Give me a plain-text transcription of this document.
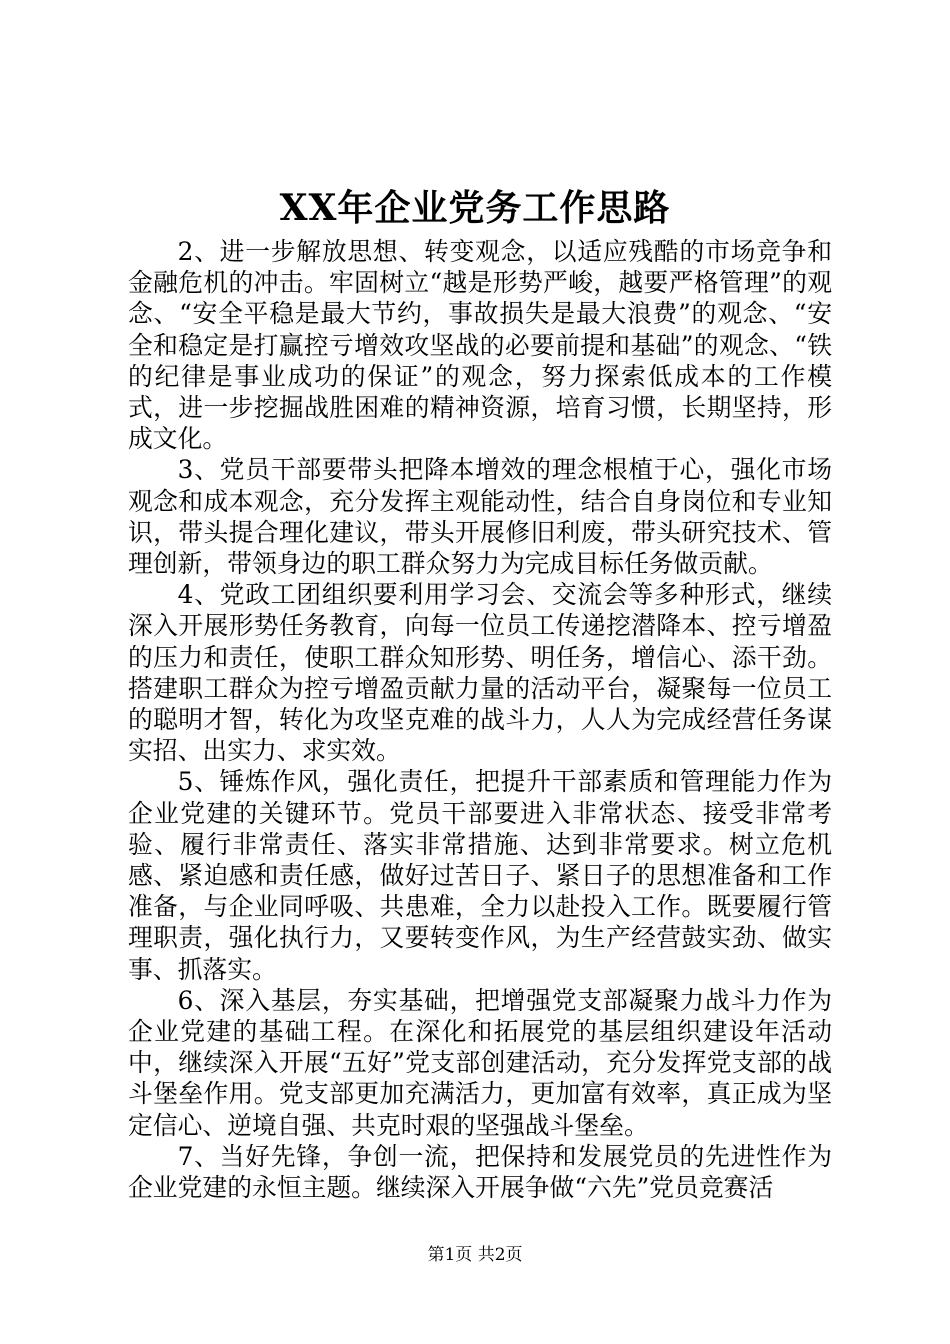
XX年企业党务工作思路

2、进一步解放思想、转变观念，以适应残酷的市场竞争和金融危机的冲击。牢固树立“越是形势严峻，越要严格管理”的观念、“安全平稳是最大节约，事故损失是最大浪费”的观念、“安全和稳定是打赢控亏增效攻坚战的必要前提和基础”的观念、“铁的纪律是事业成功的保证”的观念，努力探索低成本的工作模式，进一步挖掘战胜困难的精神资源，培育习惯，长期坚持，形成文化。

3、党员干部要带头把降本增效的理念根植于心，强化市场观念和成本观念，充分发挥主观能动性，结合自身岗位和专业知识，带头提合理化建议，带头开展修旧利废，带头研究技术、管理创新，带领身边的职工群众努力为完成目标任务做贡献。

4、党政工团组织要利用学习会、交流会等多种形式，继续深入开展形势任务教育，向每一位员工传递挖潜降本、控亏增盈的压力和责任，使职工群众知形势、明任务，增信心、添干劲。搭建职工群众为控亏增盈贡献力量的活动平台，凝聚每一位员工的聪明才智，转化为攻坚克难的战斗力，人人为完成经营任务谋实招、出实力、求实效。

5、锤炼作风，强化责任，把提升干部素质和管理能力作为企业党建的关键环节。党员干部要进入非常状态、接受非常考验、履行非常责任、落实非常措施、达到非常要求。树立危机感、紧迫感和责任感，做好过苦日子、紧日子的思想准备和工作准备，与企业同呼吸、共患难，全力以赴投入工作。既要履行管理职责，强化执行力，又要转变作风，为生产经营鼓实劲、做实事、抓落实。

6、深入基层，夯实基础，把增强党支部凝聚力战斗力作为企业党建的基础工程。在深化和拓展党的基层组织建设年活动中，继续深入开展“五好”党支部创建活动，充分发挥党支部的战斗堡垒作用。党支部更加充满活力，更加富有效率，真正成为坚定信心、逆境自强、共克时艰的坚强战斗堡垒。

7、当好先锋，争创一流，把保持和发展党员的先进性作为企业党建的永恒主题。继续深入开展争做“六先”党员竞赛活

第1页 共2页
